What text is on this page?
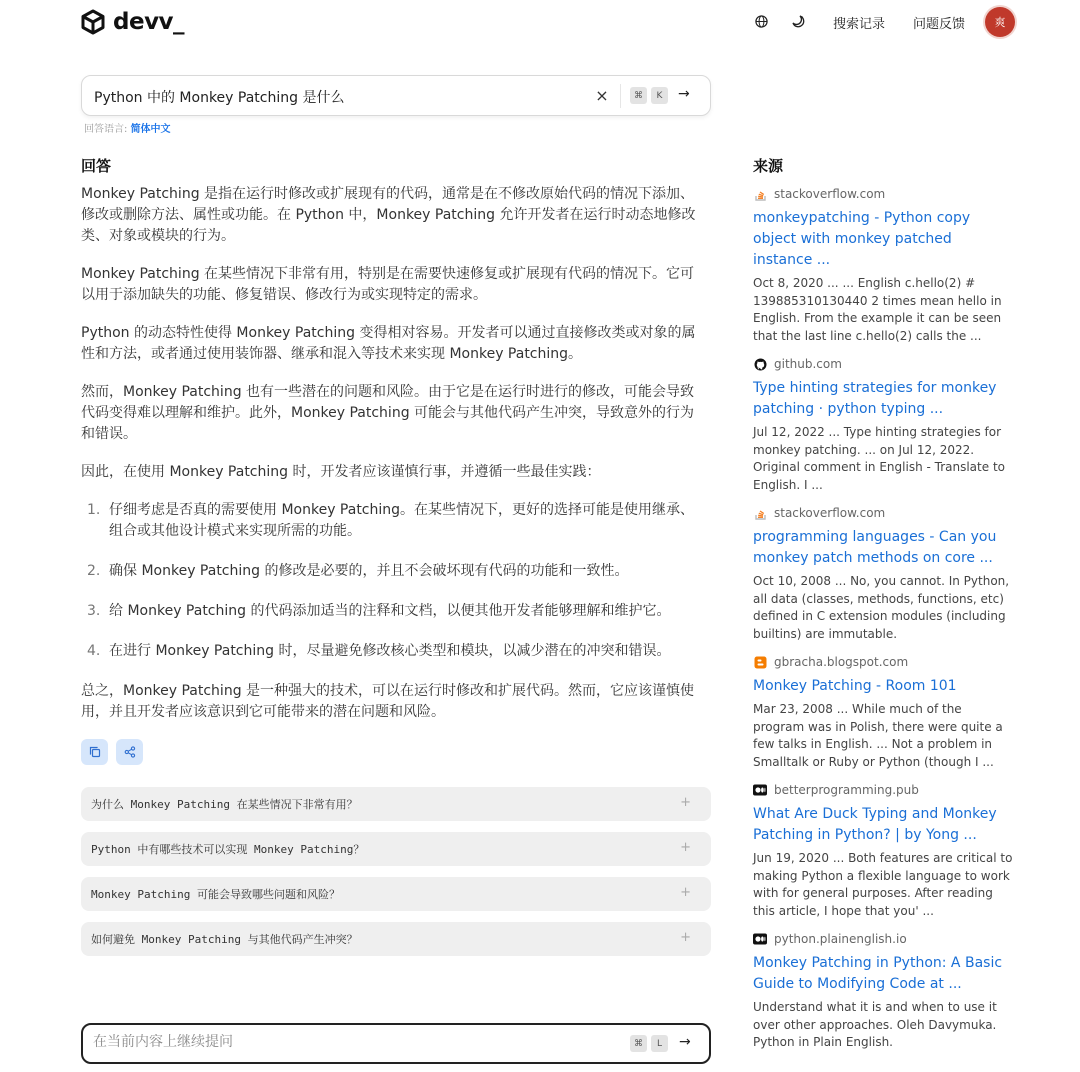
devv_	搜索记录 问题反馈	爽
Python 中的 Monkey Patching 是什么	×	⌘	K	→
回答语言: 简体中文
回答

Monkey Patching 是指在运行时修改或扩展现有的代码，通常是在不修改原始代码的情况下添加、修改或删除方法、属性或功能。在 Python 中，Monkey Patching 允许开发者在运行时动态地修改类、对象或模块的行为。

Monkey Patching 在某些情况下非常有用，特别是在需要快速修复或扩展现有代码的情况下。它可以用于添加缺失的功能、修复错误、修改行为或实现特定的需求。

Python 的动态特性使得 Monkey Patching 变得相对容易。开发者可以通过直接修改类或对象的属性和方法，或者通过使用装饰器、继承和混入等技术来实现 Monkey Patching。

然而，Monkey Patching 也有一些潜在的问题和风险。由于它是在运行时进行的修改，可能会导致代码变得难以理解和维护。此外，Monkey Patching 可能会与其他代码产生冲突，导致意外的行为和错误。

因此，在使用 Monkey Patching 时，开发者应该谨慎行事，并遵循一些最佳实践：

1. 仔细考虑是否真的需要使用 Monkey Patching。在某些情况下，更好的选择可能是使用继承、组合或其他设计模式来实现所需的功能。
2. 确保 Monkey Patching 的修改是必要的，并且不会破坏现有代码的功能和一致性。
3. 给 Monkey Patching 的代码添加适当的注释和文档，以便其他开发者能够理解和维护它。
4. 在进行 Monkey Patching 时，尽量避免修改核心类型和模块，以减少潜在的冲突和错误。

总之，Monkey Patching 是一种强大的技术，可以在运行时修改和扩展代码。然而，它应该谨慎使用，并且开发者应该意识到它可能带来的潜在问题和风险。

为什么 Monkey Patching 在某些情况下非常有用？	+
Python 中有哪些技术可以实现 Monkey Patching？	+
Monkey Patching 可能会导致哪些问题和风险？	+
如何避免 Monkey Patching 与其他代码产生冲突？	+
在当前内容上继续提问
⌘	L	→
来源
stackoverflow.com
monkeypatching - Python copy object with monkey patched instance ...
Oct 8, 2020 ... ... English c.hello(2) # 139885310130440 2 times mean hello in English. From the example it can be seen that the last line c.hello(2) calls the ...
github.com
Type hinting strategies for monkey patching · python typing ...
Jul 12, 2022 ... Type hinting strategies for monkey patching. ... on Jul 12, 2022. Original comment in English - Translate to English. I ...
stackoverflow.com
programming languages - Can you monkey patch methods on core ...
Oct 10, 2008 ... No, you cannot. In Python, all data (classes, methods, functions, etc) defined in C extension modules (including builtins) are immutable.
gbracha.blogspot.com
Monkey Patching - Room 101
Mar 23, 2008 ... While much of the program was in Polish, there were quite a few talks in English. ... Not a problem in Smalltalk or Ruby or Python (though I ...
betterprogramming.pub
What Are Duck Typing and Monkey Patching in Python? | by Yong ...
Jun 19, 2020 ... Both features are critical to making Python a flexible language to work with for general purposes. After reading this article, I hope that you' ...
python.plainenglish.io
Monkey Patching in Python: A Basic Guide to Modifying Code at ...
Understand what it is and when to use it over other approaches. Oleh Davymuka. Python in Plain English.
